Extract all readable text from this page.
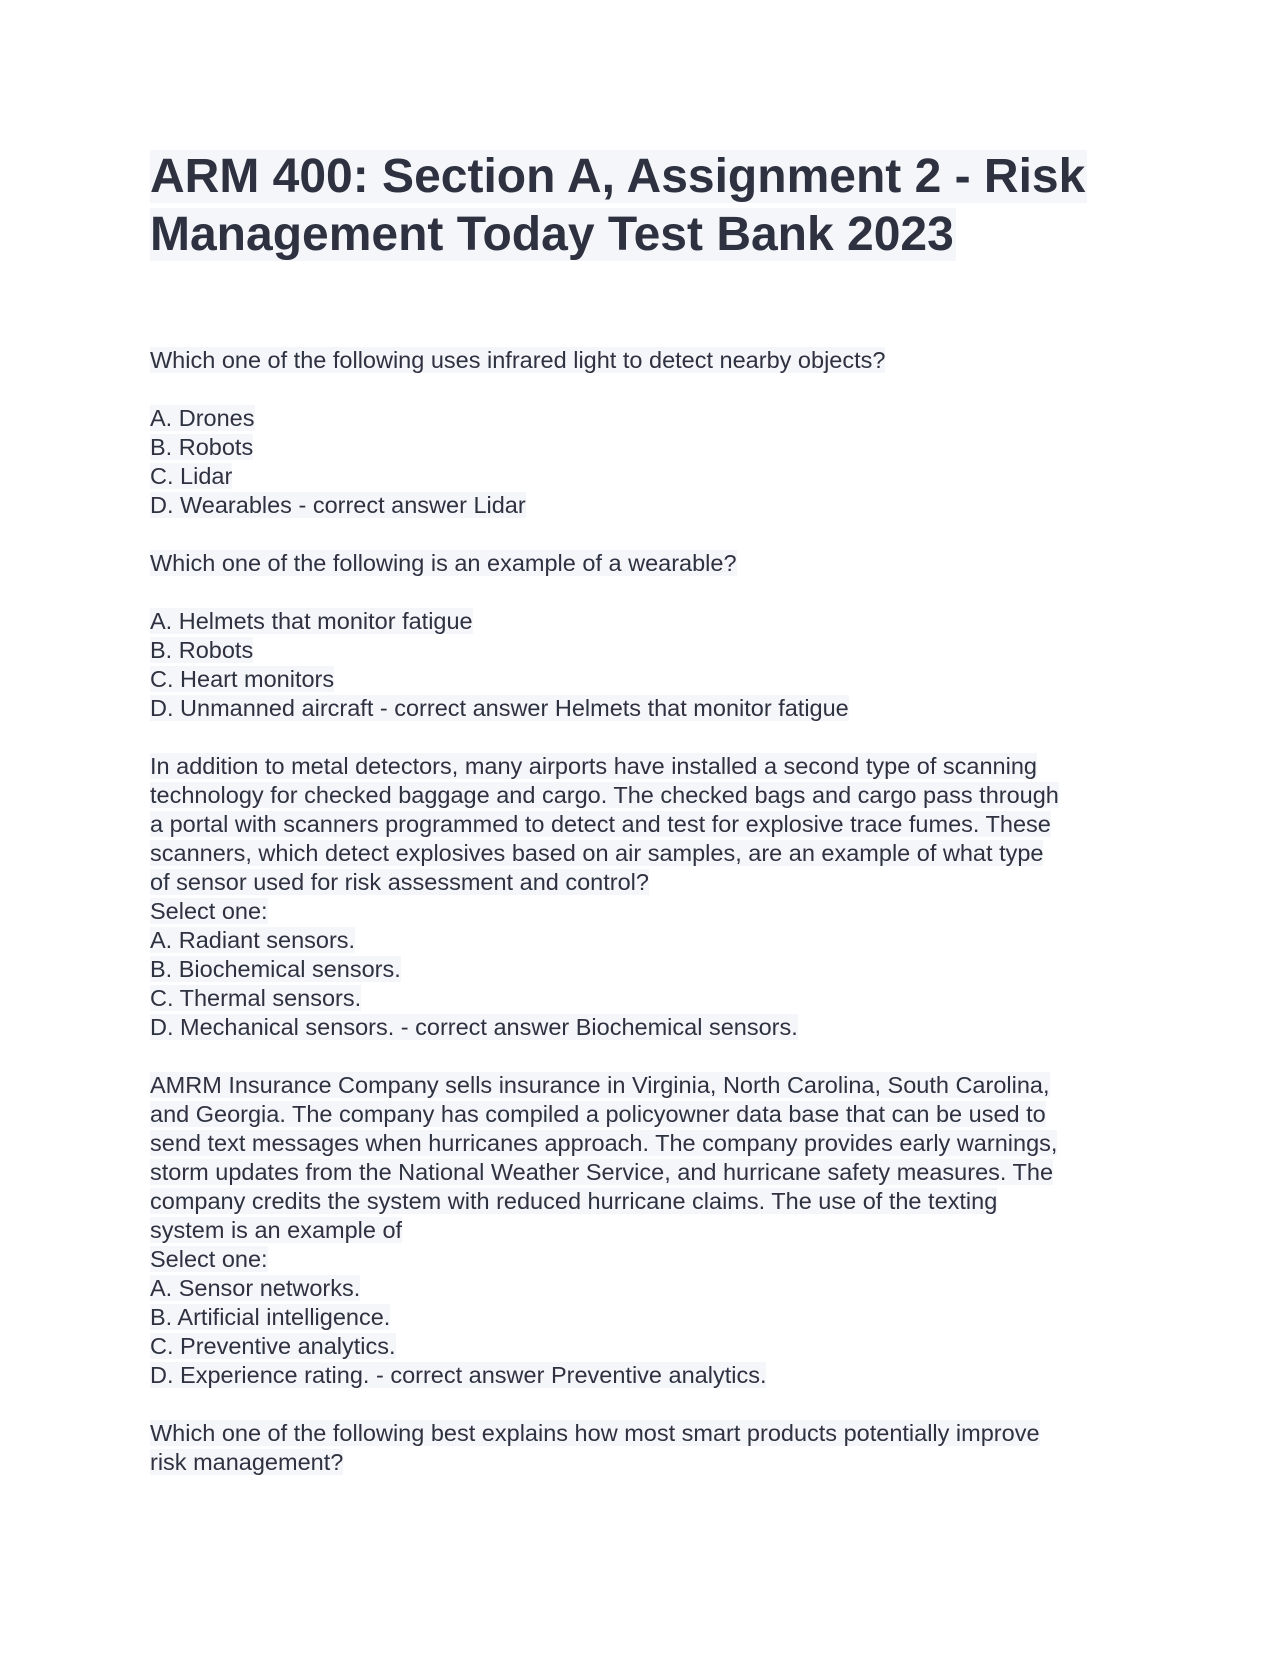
ARM 400: Section A, Assignment 2 - Risk Management Today Test Bank 2023
Which one of the following uses infrared light to detect nearby objects?
A. Drones
B. Robots
C. Lidar
D. Wearables - correct answer Lidar
Which one of the following is an example of a wearable?
A. Helmets that monitor fatigue
B. Robots
C. Heart monitors
D. Unmanned aircraft - correct answer Helmets that monitor fatigue
In addition to metal detectors, many airports have installed a second type of scanning
technology for checked baggage and cargo. The checked bags and cargo pass through
a portal with scanners programmed to detect and test for explosive trace fumes. These
scanners, which detect explosives based on air samples, are an example of what type
of sensor used for risk assessment and control?
Select one:
A. Radiant sensors.
B. Biochemical sensors.
C. Thermal sensors.
D. Mechanical sensors. - correct answer Biochemical sensors.
AMRM Insurance Company sells insurance in Virginia, North Carolina, South Carolina,
and Georgia. The company has compiled a policyowner data base that can be used to
send text messages when hurricanes approach. The company provides early warnings,
storm updates from the National Weather Service, and hurricane safety measures. The
company credits the system with reduced hurricane claims. The use of the texting
system is an example of
Select one:
A. Sensor networks.
B. Artificial intelligence.
C. Preventive analytics.
D. Experience rating. - correct answer Preventive analytics.
Which one of the following best explains how most smart products potentially improve
risk management?
